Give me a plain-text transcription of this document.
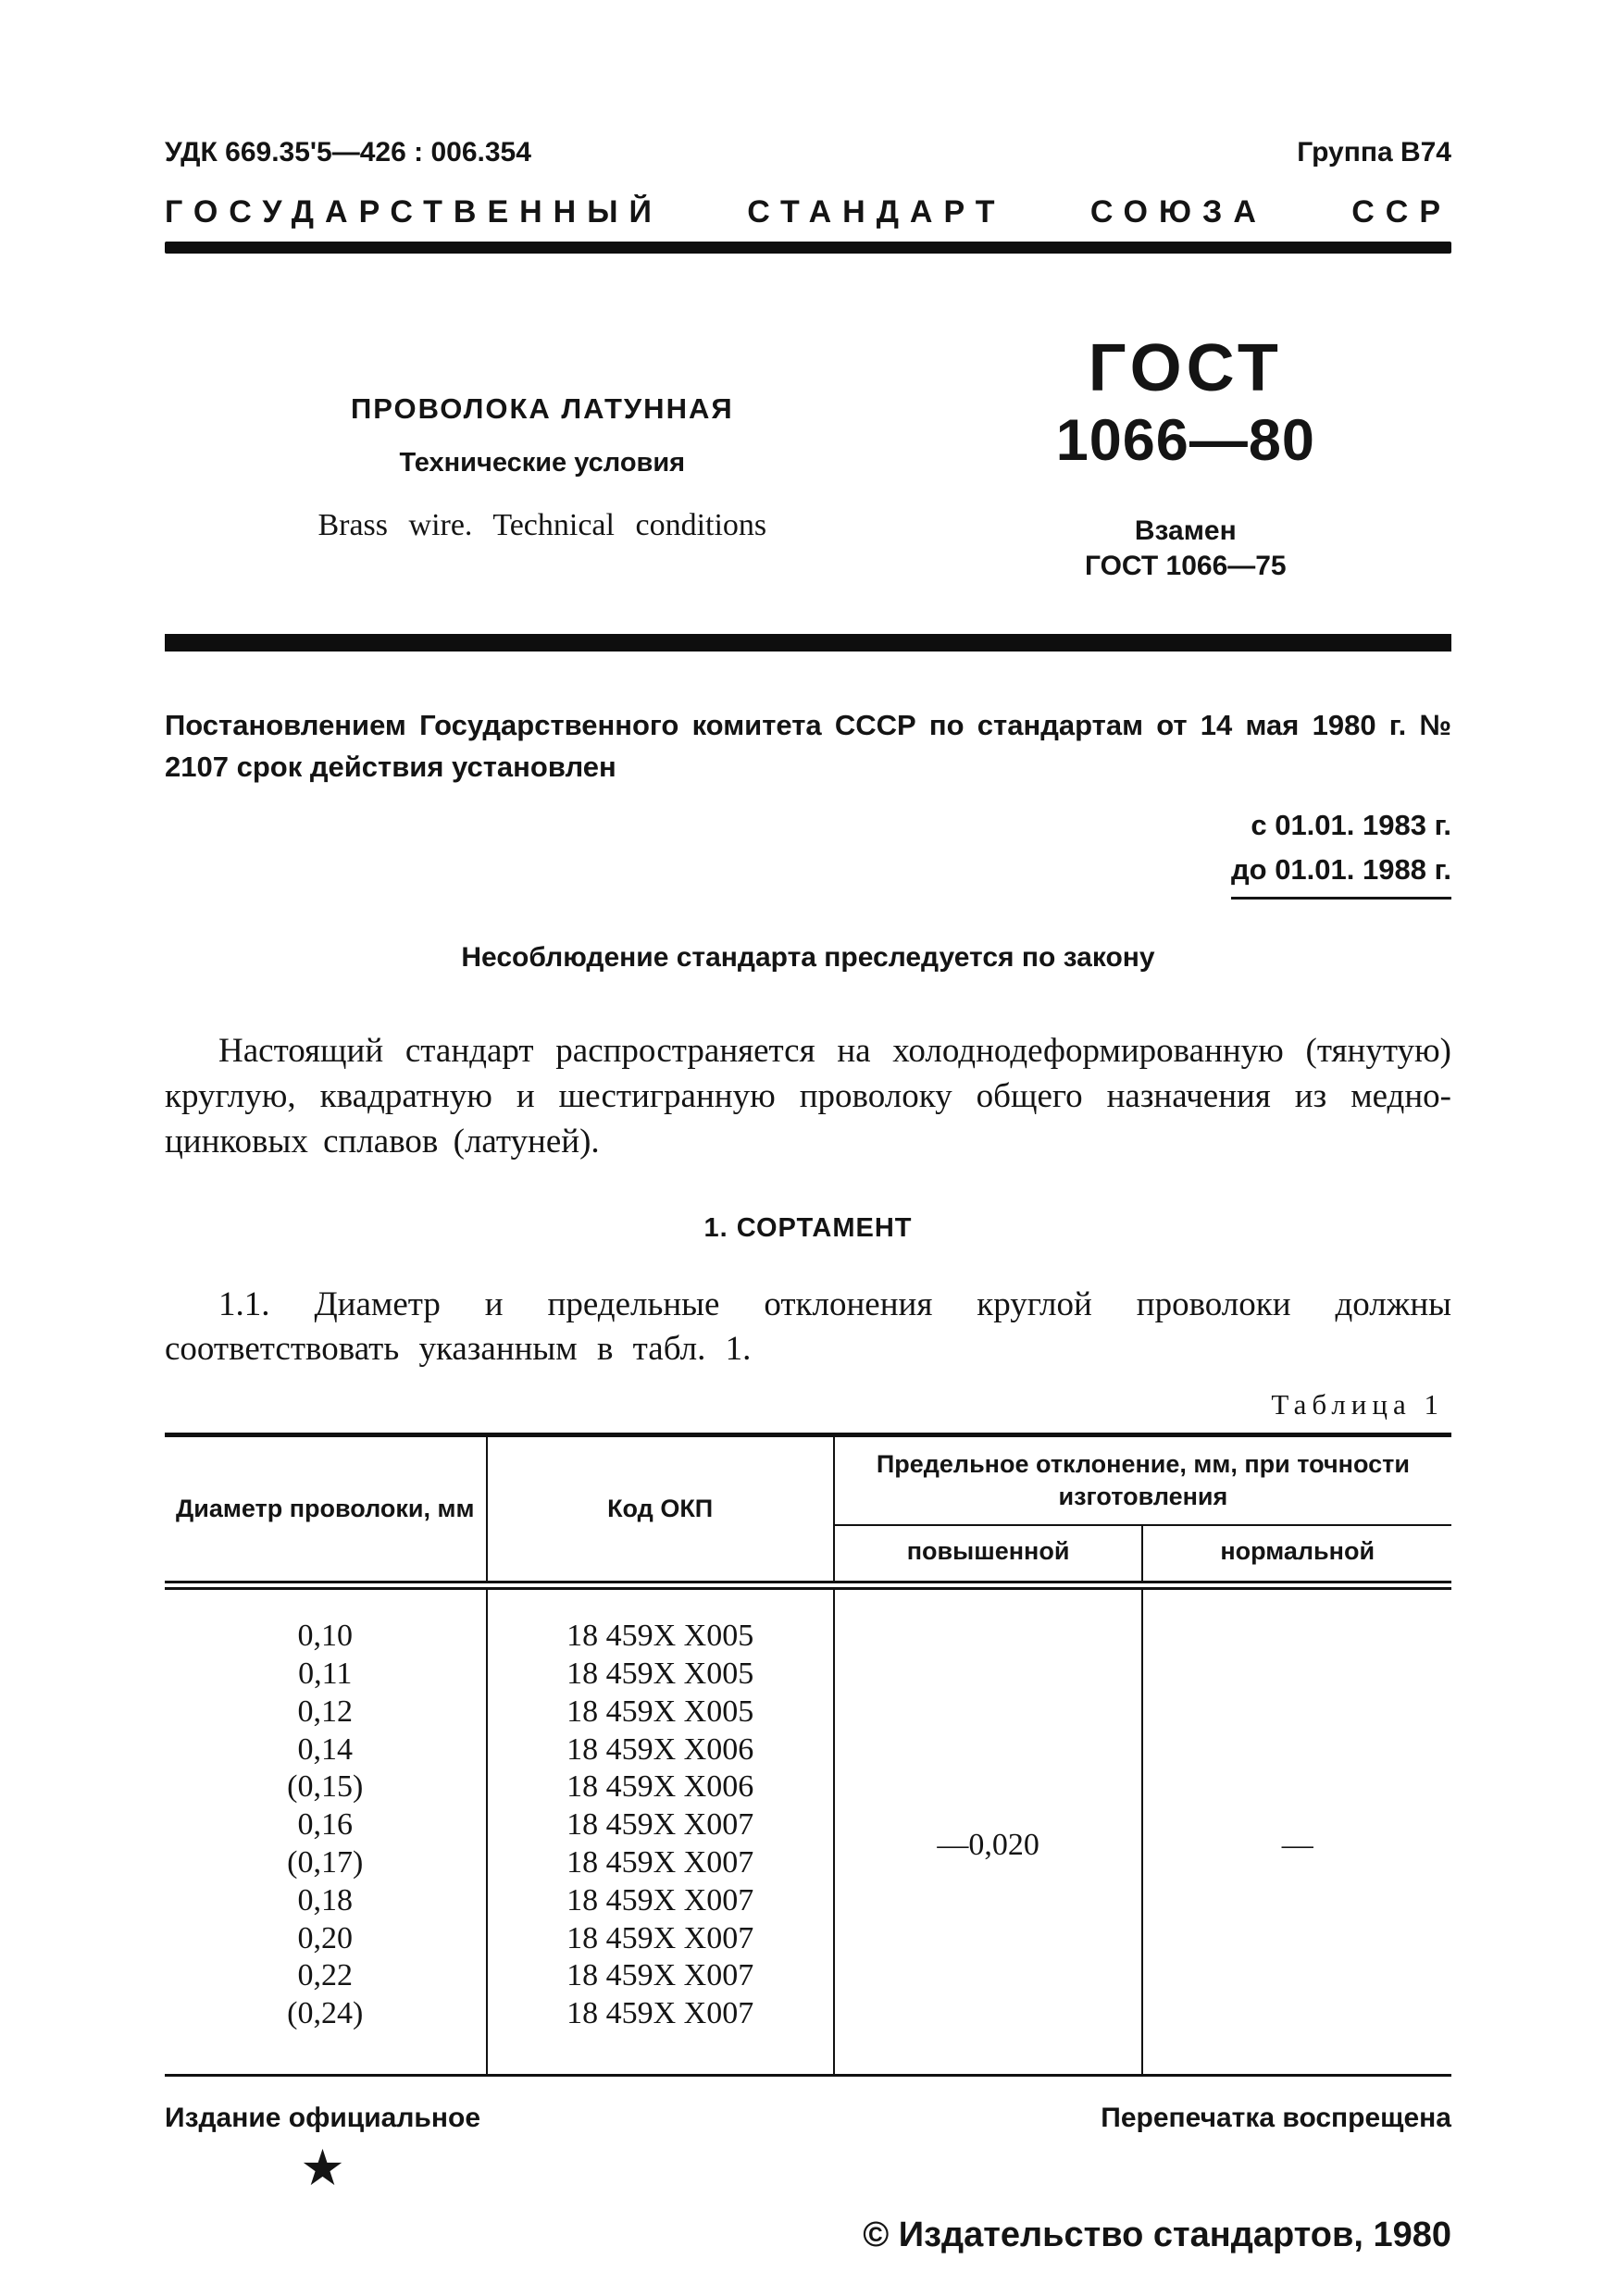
УДК 669.35'5—426 : 006.354	Группа В74
ГОСУДАРСТВЕННЫЙ СТАНДАРТ СОЮЗА ССР
ПРОВОЛОКА ЛАТУННАЯ
Технические условия
Brass wire. Technical conditions
ГОСТ
1066—80
Взамен
ГОСТ 1066—75
Постановлением Государственного комитета СССР по стандартам от 14 мая 1980 г. № 2107 срок действия установлен
с 01.01. 1983 г.
до 01.01. 1988 г.
Несоблюдение стандарта преследуется по закону
Настоящий стандарт распространяется на холоднодеформированную (тянутую) круглую, квадратную и шестигранную проволоку общего назначения из медно-цинковых сплавов (латуней).
1. СОРТАМЕНТ
1.1. Диаметр и предельные отклонения круглой проволоки должны соответствовать указанным в табл. 1.
Таблица 1
Диаметр проволоки, мм	Код ОКП	Предельное отклонение, мм, при точности изготовления	
		повышенной	нормальной
0,10	18 459X X005	—0,020	—
0,11	18 459X X005		
0,12	18 459X X005		
0,14	18 459X X006		
(0,15)	18 459X X006		
0,16	18 459X X007		
(0,17)	18 459X X007		
0,18	18 459X X007		
0,20	18 459X X007		
0,22	18 459X X007		
(0,24)	18 459X X007		
Издание официальное
★
Перепечатка воспрещена
© Издательство стандартов, 1980
